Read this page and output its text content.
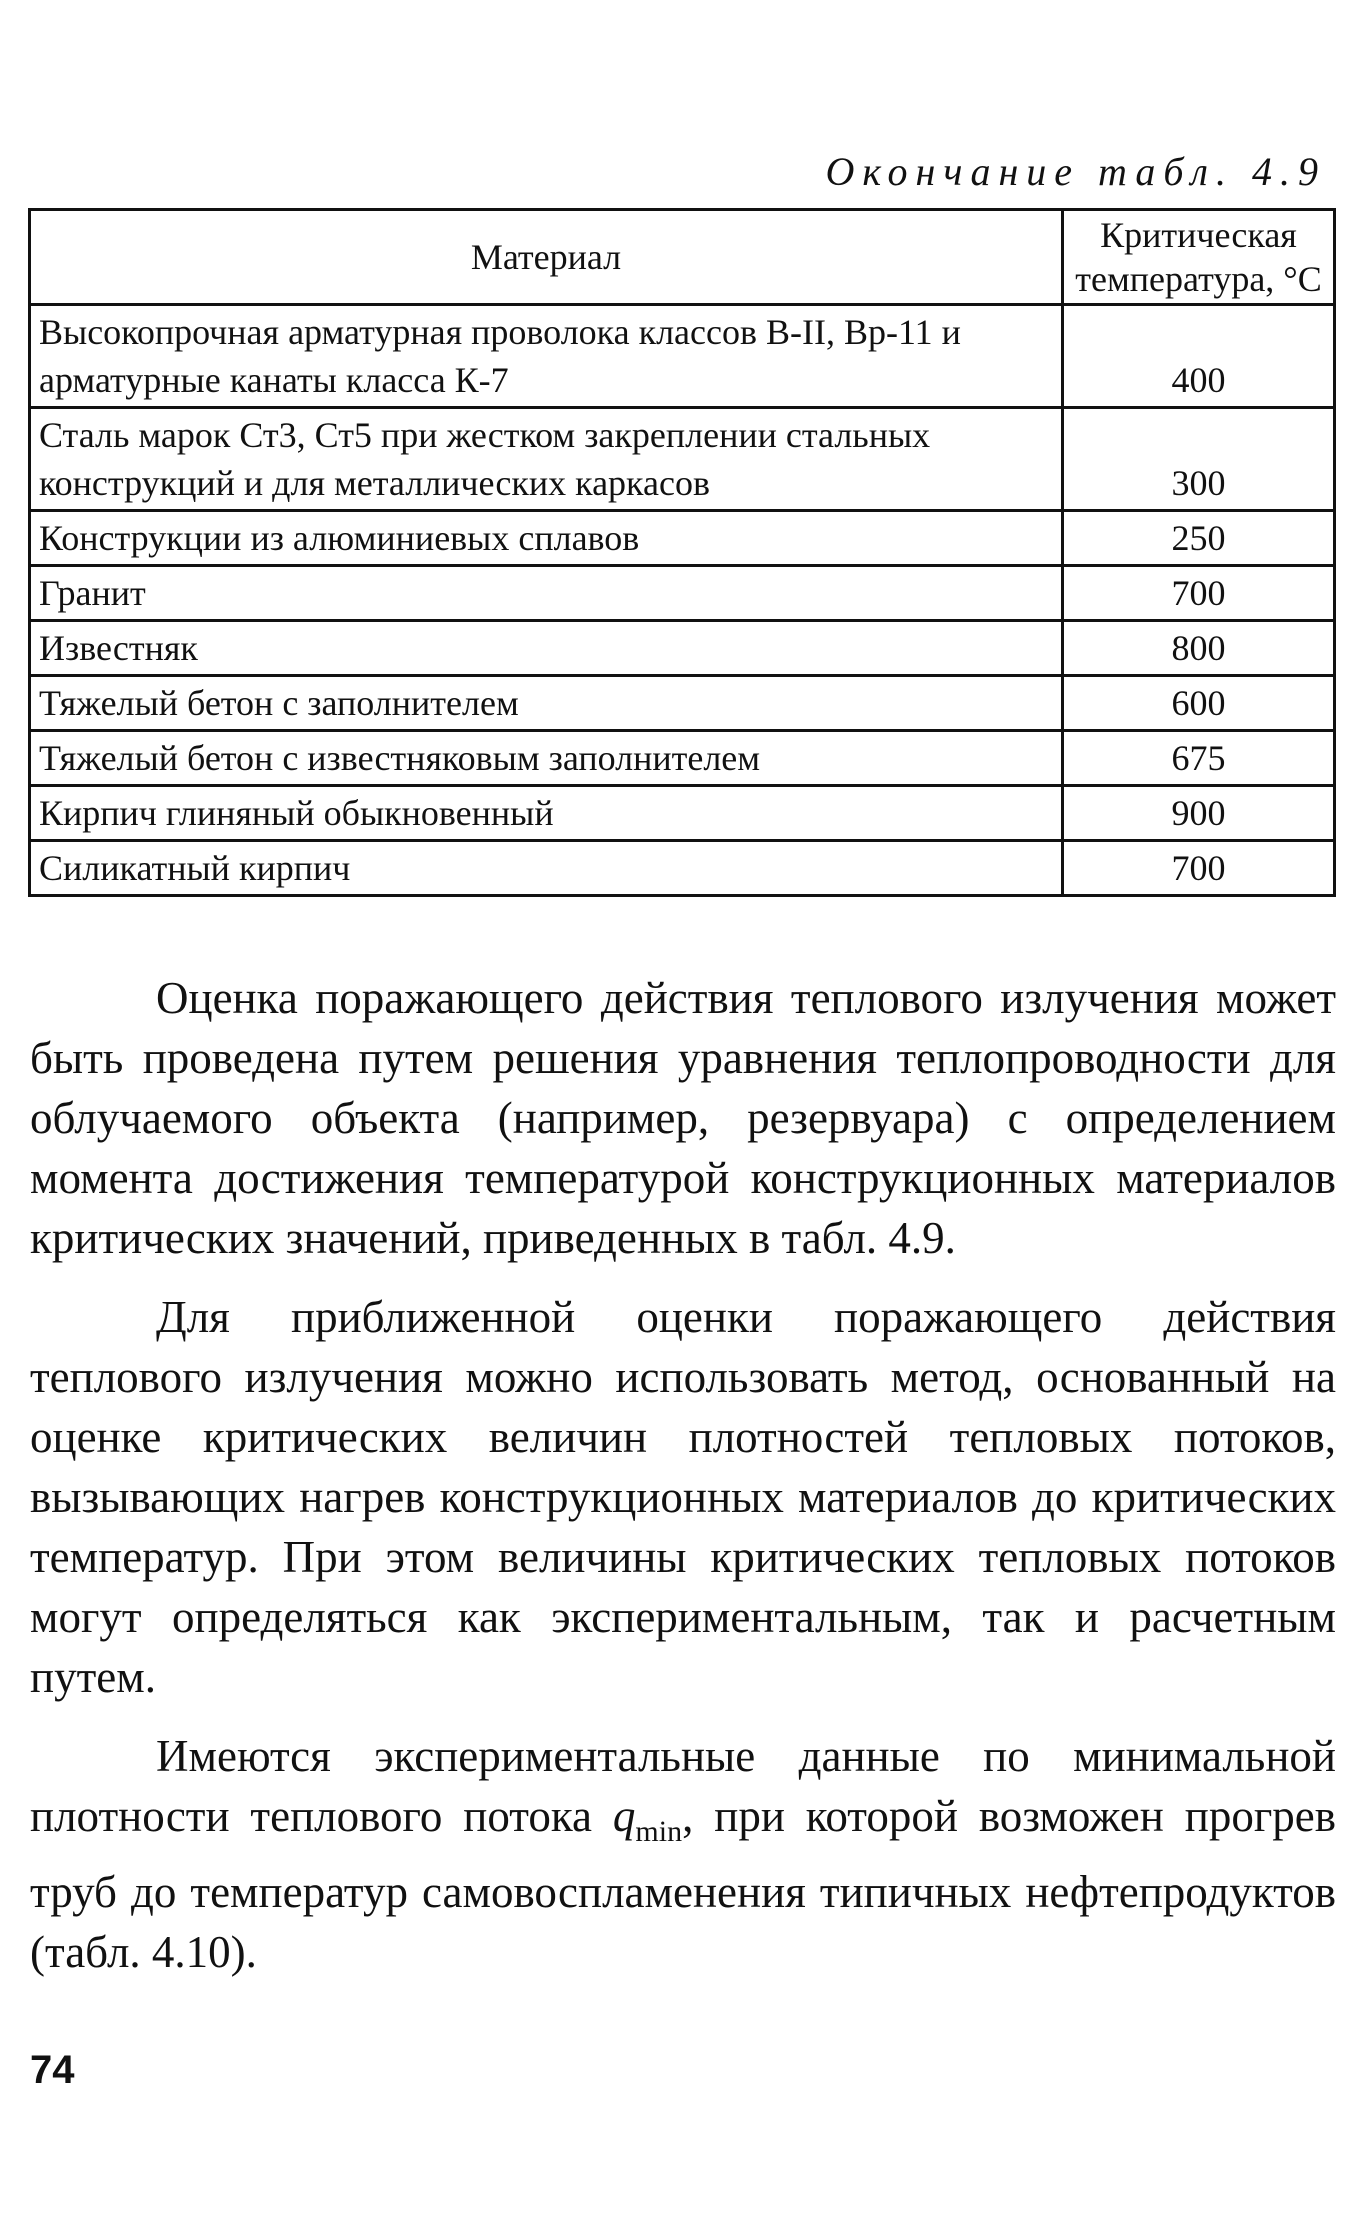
Окончание табл. 4.9
Материал	Критическая температура, °С
Высокопрочная арматурная проволока классов В-II, Вр-11 и арматурные канаты класса К-7	400
Сталь марок Ст3, Ст5 при жестком закреплении стальных конструкций и для металлических каркасов	300
Конструкции из алюминиевых сплавов	250
Гранит	700
Известняк	800
Тяжелый бетон с заполнителем	600
Тяжелый бетон с известняковым заполнителем	675
Кирпич глиняный обыкновенный	900
Силикатный кирпич	700

Оценка поражающего действия теплового излучения может быть проведена путем решения уравнения теплопроводности для облучаемого объекта (например, резервуара) с определением момента достижения температурой конструкционных материалов критических значений, приведенных в табл. 4.9.

Для приближенной оценки поражающего действия теплового излучения можно использовать метод, основанный на оценке критических величин плотностей тепловых потоков, вызывающих нагрев конструкционных материалов до критических температур. При этом величины критических тепловых потоков могут определяться как экспериментальным, так и расчетным путем.

Имеются экспериментальные данные по минимальной плотности теплового потока $q_{min}$, при которой возможен прогрев труб до температур самовоспламенения типичных нефтепродуктов (табл. 4.10).

74
